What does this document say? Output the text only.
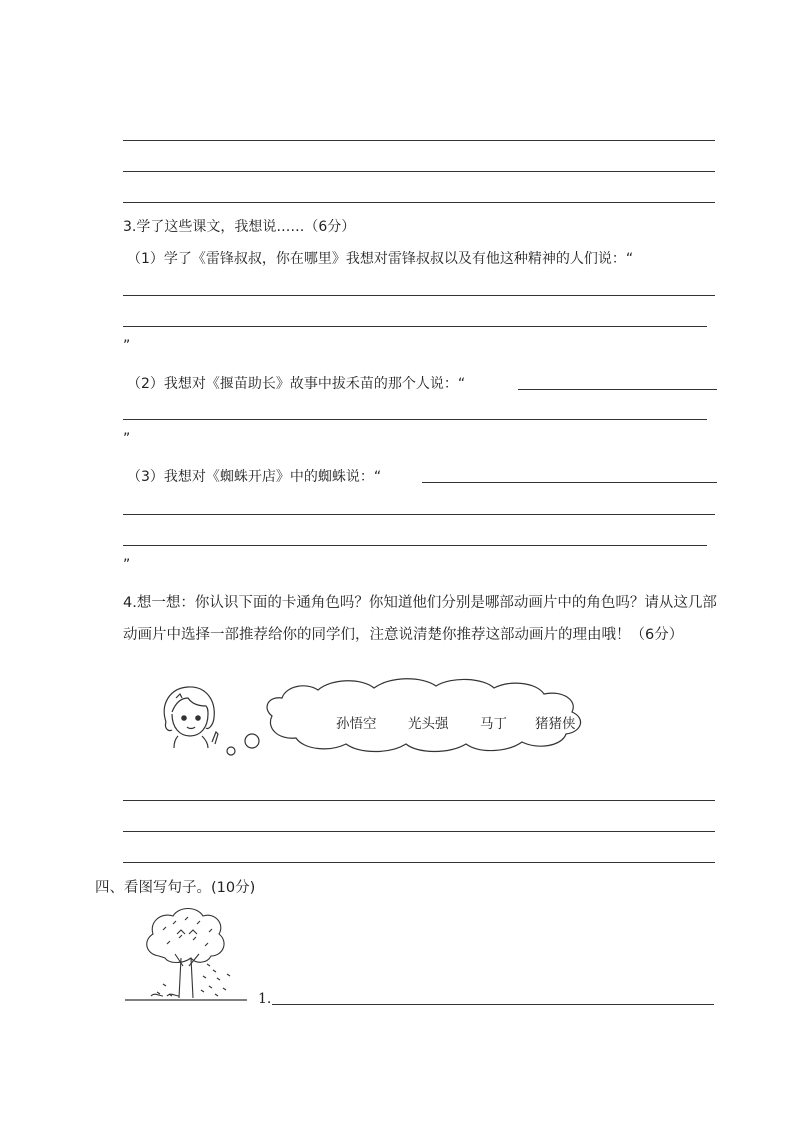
3.学了这些课文，我想说……（6分）
（1）学了《雷锋叔叔，你在哪里》我想对雷锋叔叔以及有他这种精神的人们说：“
”
（2）我想对《揠苗助长》故事中拔禾苗的那个人说：“
”
（3）我想对《蜘蛛开店》中的蜘蛛说：“
”
4.想一想：你认识下面的卡通角色吗？你知道他们分别是哪部动画片中的角色吗？请从这几部动画片中选择一部推荐给你的同学们，注意说清楚你推荐这部动画片的理由哦！（6分）
孙悟空 光头强 马丁 猪猪侠
四、看图写句子。(10分)
1.
